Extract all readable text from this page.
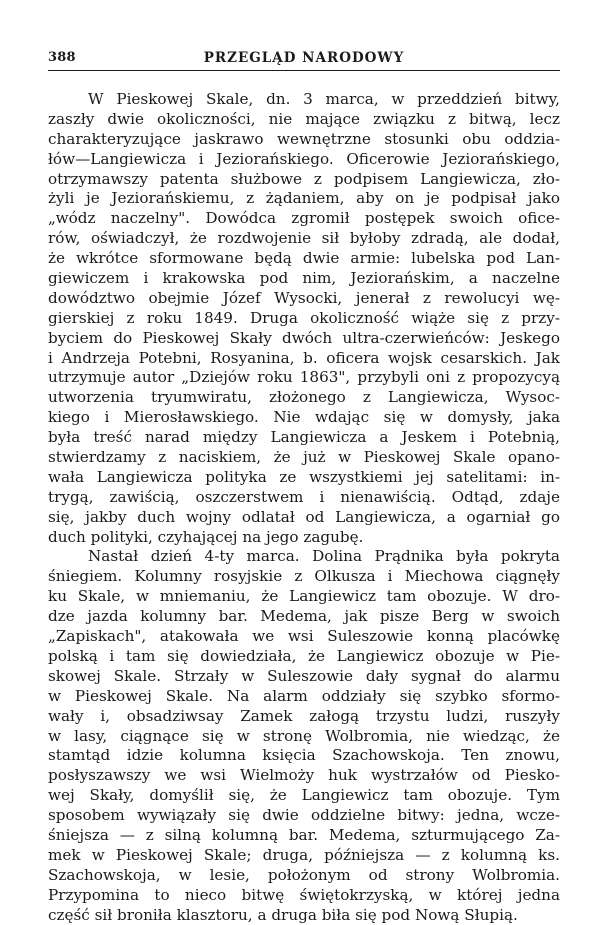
388	PRZEGLĄD NARODOWY
W Pieskowej Skale, dn. 3 marca, w przeddzień bitwy,
zaszły dwie okoliczności, nie mające związku z bitwą, lecz
charakteryzujące jaskrawo wewnętrzne stosunki obu oddzia-
łów—Langiewicza i Jeziorańskiego. Oficerowie Jeziorańskiego,
otrzymawszy patenta służbowe z podpisem Langiewicza, zło-
żyli je Jeziorańskiemu, z żądaniem, aby on je podpisał jako
„wódz naczelny". Dowódca zgromił postępek swoich ofice-
rów, oświadczył, że rozdwojenie sił byłoby zdradą, ale dodał,
że wkrótce sformowane będą dwie armie: lubelska pod Lan-
giewiczem i krakowska pod nim, Jeziorańskim, a naczelne
dowództwo obejmie Józef Wysocki, jenerał z rewolucyi wę-
gierskiej z roku 1849. Druga okoliczność wiąże się z przy-
byciem do Pieskowej Skały dwóch ultra-czerwieńców: Jeskego
i Andrzeja Potebni, Rosyanina, b. oficera wojsk cesarskich. Jak
utrzymuje autor „Dziejów roku 1863", przybyli oni z propozycyą
utworzenia tryumwiratu, złożonego z Langiewicza, Wysoc-
kiego i Mierosławskiego. Nie wdając się w domysły, jaka
była treść narad między Langiewicza a Jeskem i Potebnią,
stwierdzamy z naciskiem, że już w Pieskowej Skale opano-
wała Langiewicza polityka ze wszystkiemi jej satelitami: in-
trygą, zawiścią, oszczerstwem i nienawiścią. Odtąd, zdaje
się, jakby duch wojny odlatał od Langiewicza, a ogarniał go
duch polityki, czyhającej na jego zagubę.
Nastał dzień 4-ty marca. Dolina Prądnika była pokryta
śniegiem. Kolumny rosyjskie z Olkusza i Miechowa ciągnęły
ku Skale, w mniemaniu, że Langiewicz tam obozuje. W dro-
dze jazda kolumny bar. Medema, jak pisze Berg w swoich
„Zapiskach", atakowała we wsi Suleszowie konną placówkę
polską i tam się dowiedziała, że Langiewicz obozuje w Pie-
skowej Skale. Strzały w Suleszowie dały sygnał do alarmu
w Pieskowej Skale. Na alarm oddziały się szybko sformo-
wały i, obsadziwsay Zamek załogą trzystu ludzi, ruszyły
w lasy, ciągnące się w stronę Wolbromia, nie wiedząc, że
stamtąd idzie kolumna księcia Szachowskoja. Ten znowu,
posłyszawszy we wsi Wielmoży huk wystrzałów od Piesko-
wej Skały, domyślił się, że Langiewicz tam obozuje. Tym
sposobem wywiązały się dwie oddzielne bitwy: jedna, wcze-
śniejsza — z silną kolumną bar. Medema, szturmującego Za-
mek w Pieskowej Skale; druga, późniejsza — z kolumną ks.
Szachowskoja, w lesie, położonym od strony Wolbromia.
Przypomina to nieco bitwę świętokrzyską, w której jedna
część sił broniła klasztoru, a druga biła się pod Nową Słupią.
